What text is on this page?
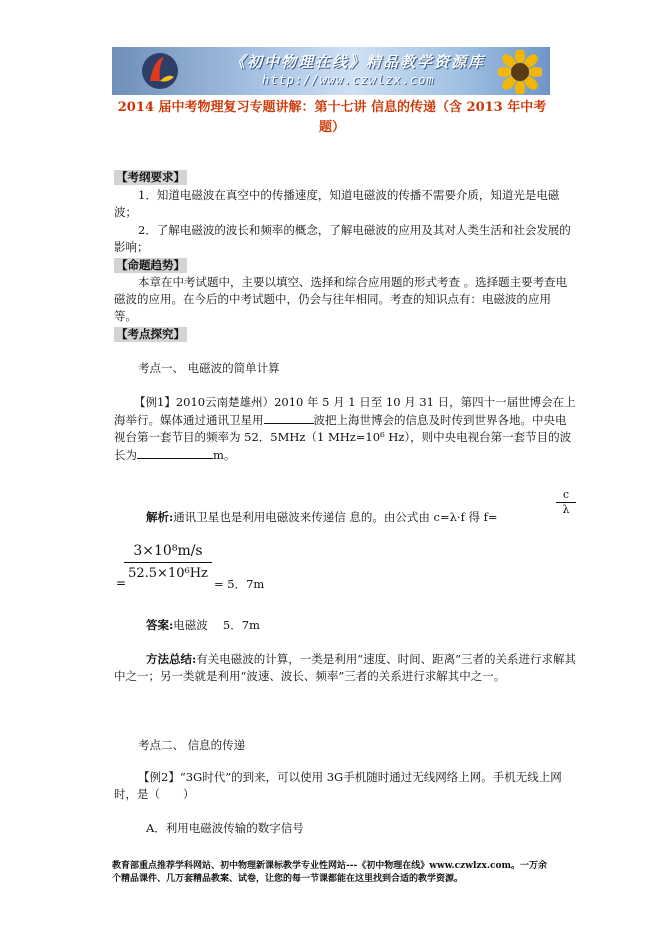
《初中物理在线》精品教学资源库
http://www.czwlzx.com
2014 届中考物理复习专题讲解：第十七讲 信息的传递（含 2013 年中考题）
【考纲要求】
1．知道电磁波在真空中的传播速度，知道电磁波的传播不需要介质，知道光是电磁波；
2．了解电磁波的波长和频率的概念，了解电磁波的应用及其对人类生活和社会发展的影响；
【命题趋势】
本章在中考试题中，主要以填空、选择和综合应用题的形式考查 。选择题主要考查电磁波的应用。在今后的中考试题中，仍会与往年相同。考查的知识点有：电磁波的应用 等。
【考点探究】
考点一、 电磁波的简单计算
【例1】2010云南楚雄州）2010 年 5 月 1 日至 10 月 31 日，第四十一届世博会在上海举行。媒体通过通讯卫星用	波把上海世博会的信息及时传到世界各地。中央电视台第一套节目的频率为 52．5MHz（1 MHz=10⁶ Hz），则中央电视台第一套节目的波长为	m。
解析:通讯卫星也是利用电磁波来传递信 息的。由公式由 c=λ·f 得 f=	$\frac{c}{\lambda}$
=
$\frac{\text{3×10⁸m/s}}{\text{52.5×10⁶Hz}} = 5$．7m
答案:电磁波　 5．7m
方法总结:有关电磁波的计算，一类是利用“速度、时间、距离”三者的关系进行求解其中之一；另一类就是利用“波速、波长、频率”三者的关系进行求解其中之一。
考点二、 信息的传递
【例2】“3G时代”的到来，可以使用 3G手机随时通过无线网络上网。手机无线上网时，是（　　）
A．利用电磁波传输的数字信号
教育部重点推荐学科网站、初中物理新课标教学专业性网站---《初中物理在线》www.czwlzx.com。一万余
个精品课件、几万套精品教案、试卷，让您的每一节课都能在这里找到合适的教学资源。
